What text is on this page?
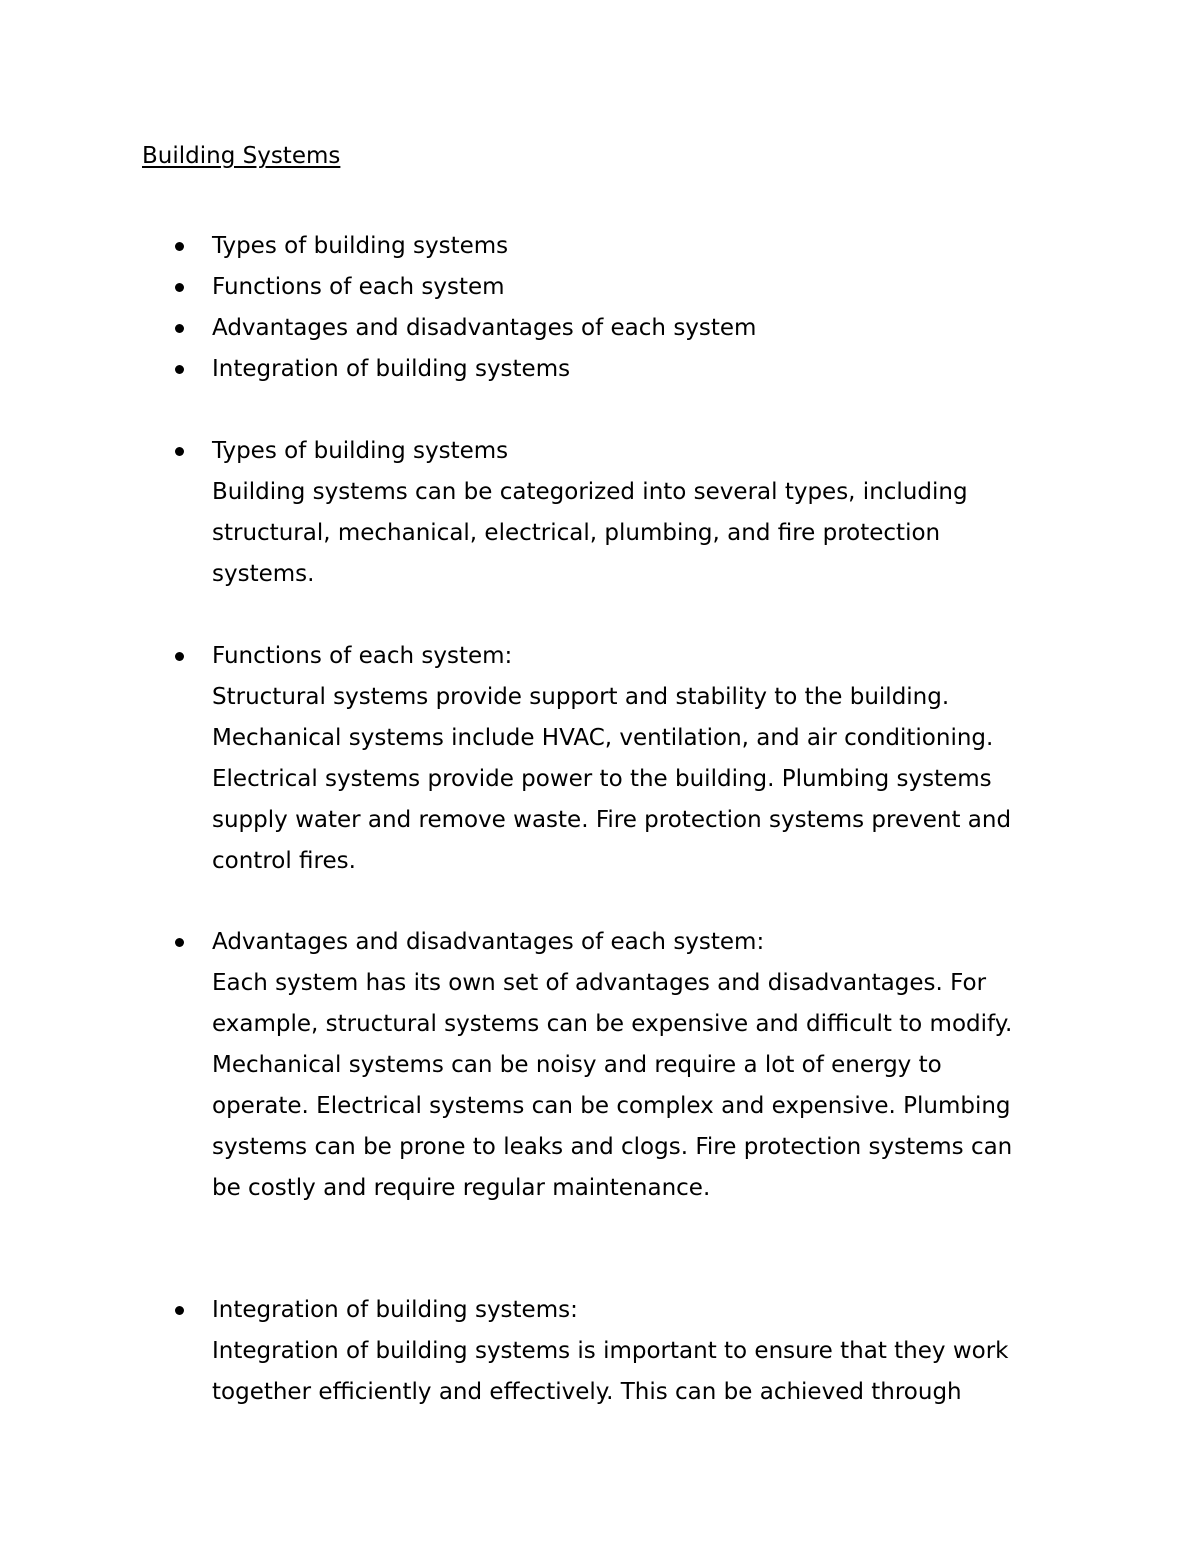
Building Systems
Types of building systems
Functions of each system
Advantages and disadvantages of each system
Integration of building systems
Types of building systems
Building systems can be categorized into several types, including structural, mechanical, electrical, plumbing, and fire protection systems.
Functions of each system:
Structural systems provide support and stability to the building. Mechanical systems include HVAC, ventilation, and air conditioning. Electrical systems provide power to the building. Plumbing systems supply water and remove waste. Fire protection systems prevent and control fires.
Advantages and disadvantages of each system:
Each system has its own set of advantages and disadvantages. For example, structural systems can be expensive and difficult to modify. Mechanical systems can be noisy and require a lot of energy to operate. Electrical systems can be complex and expensive. Plumbing systems can be prone to leaks and clogs. Fire protection systems can be costly and require regular maintenance.
Integration of building systems:
Integration of building systems is important to ensure that they work together efficiently and effectively. This can be achieved through
